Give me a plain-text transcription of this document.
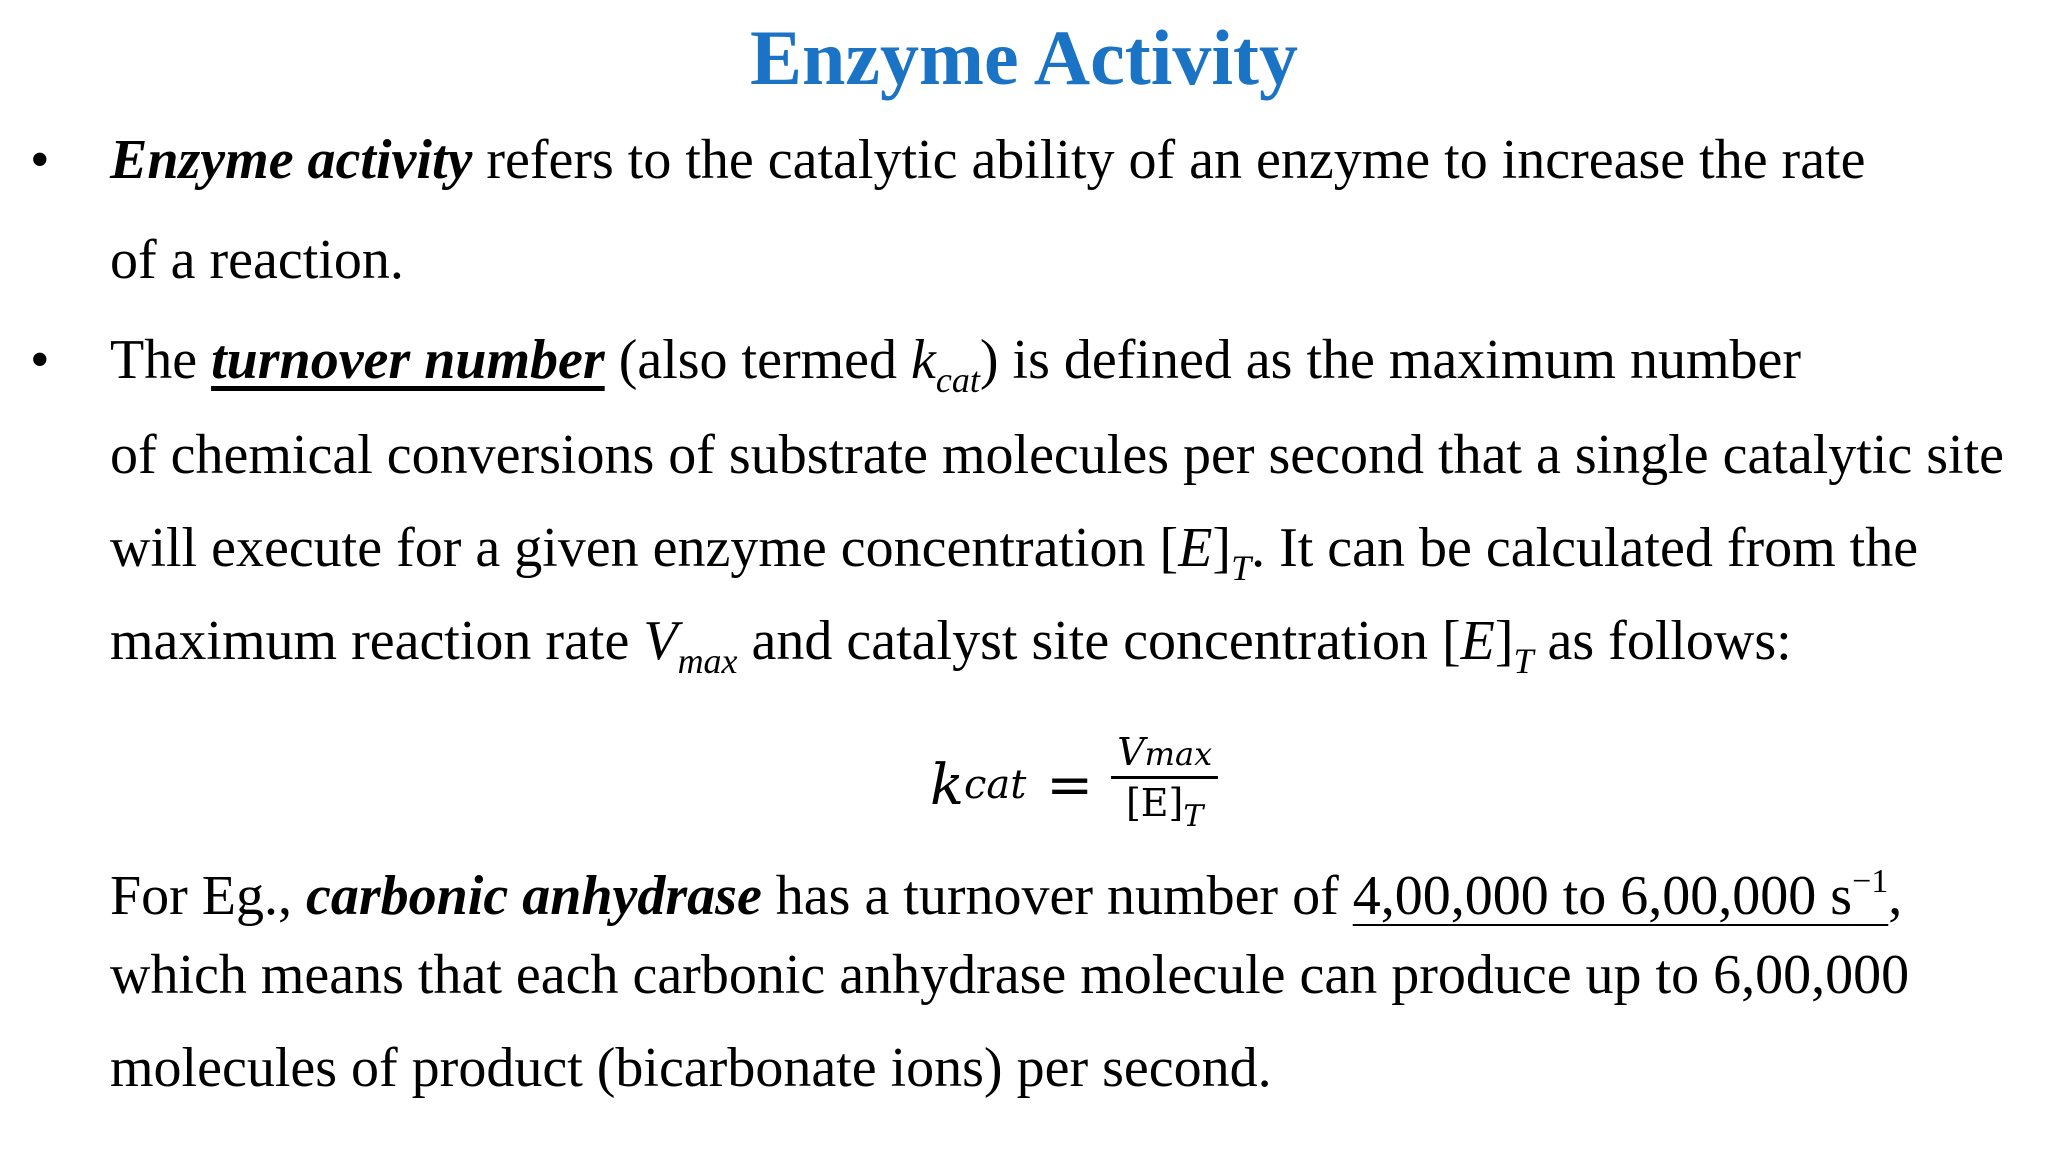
Enzyme Activity
• Enzyme activity refers to the catalytic ability of an enzyme to increase the rate
of a reaction.
• The turnover number (also termed $k_{cat}$) is defined as the maximum number
of chemical conversions of substrate molecules per second that a single catalytic site
will execute for a given enzyme concentration $[E]_T$. It can be calculated from the
maximum reaction rate $V_{max}$ and catalyst site concentration $[E]_T$ as follows:
k cat = $\frac{Vmax}{[E]_T}$
For Eg., carbonic anhydrase has a turnover number of 4,00,000 to 6,00,000 $s^{-1}$,
which means that each carbonic anhydrase molecule can produce up to 6,00,000
molecules of product (bicarbonate ions) per second.
